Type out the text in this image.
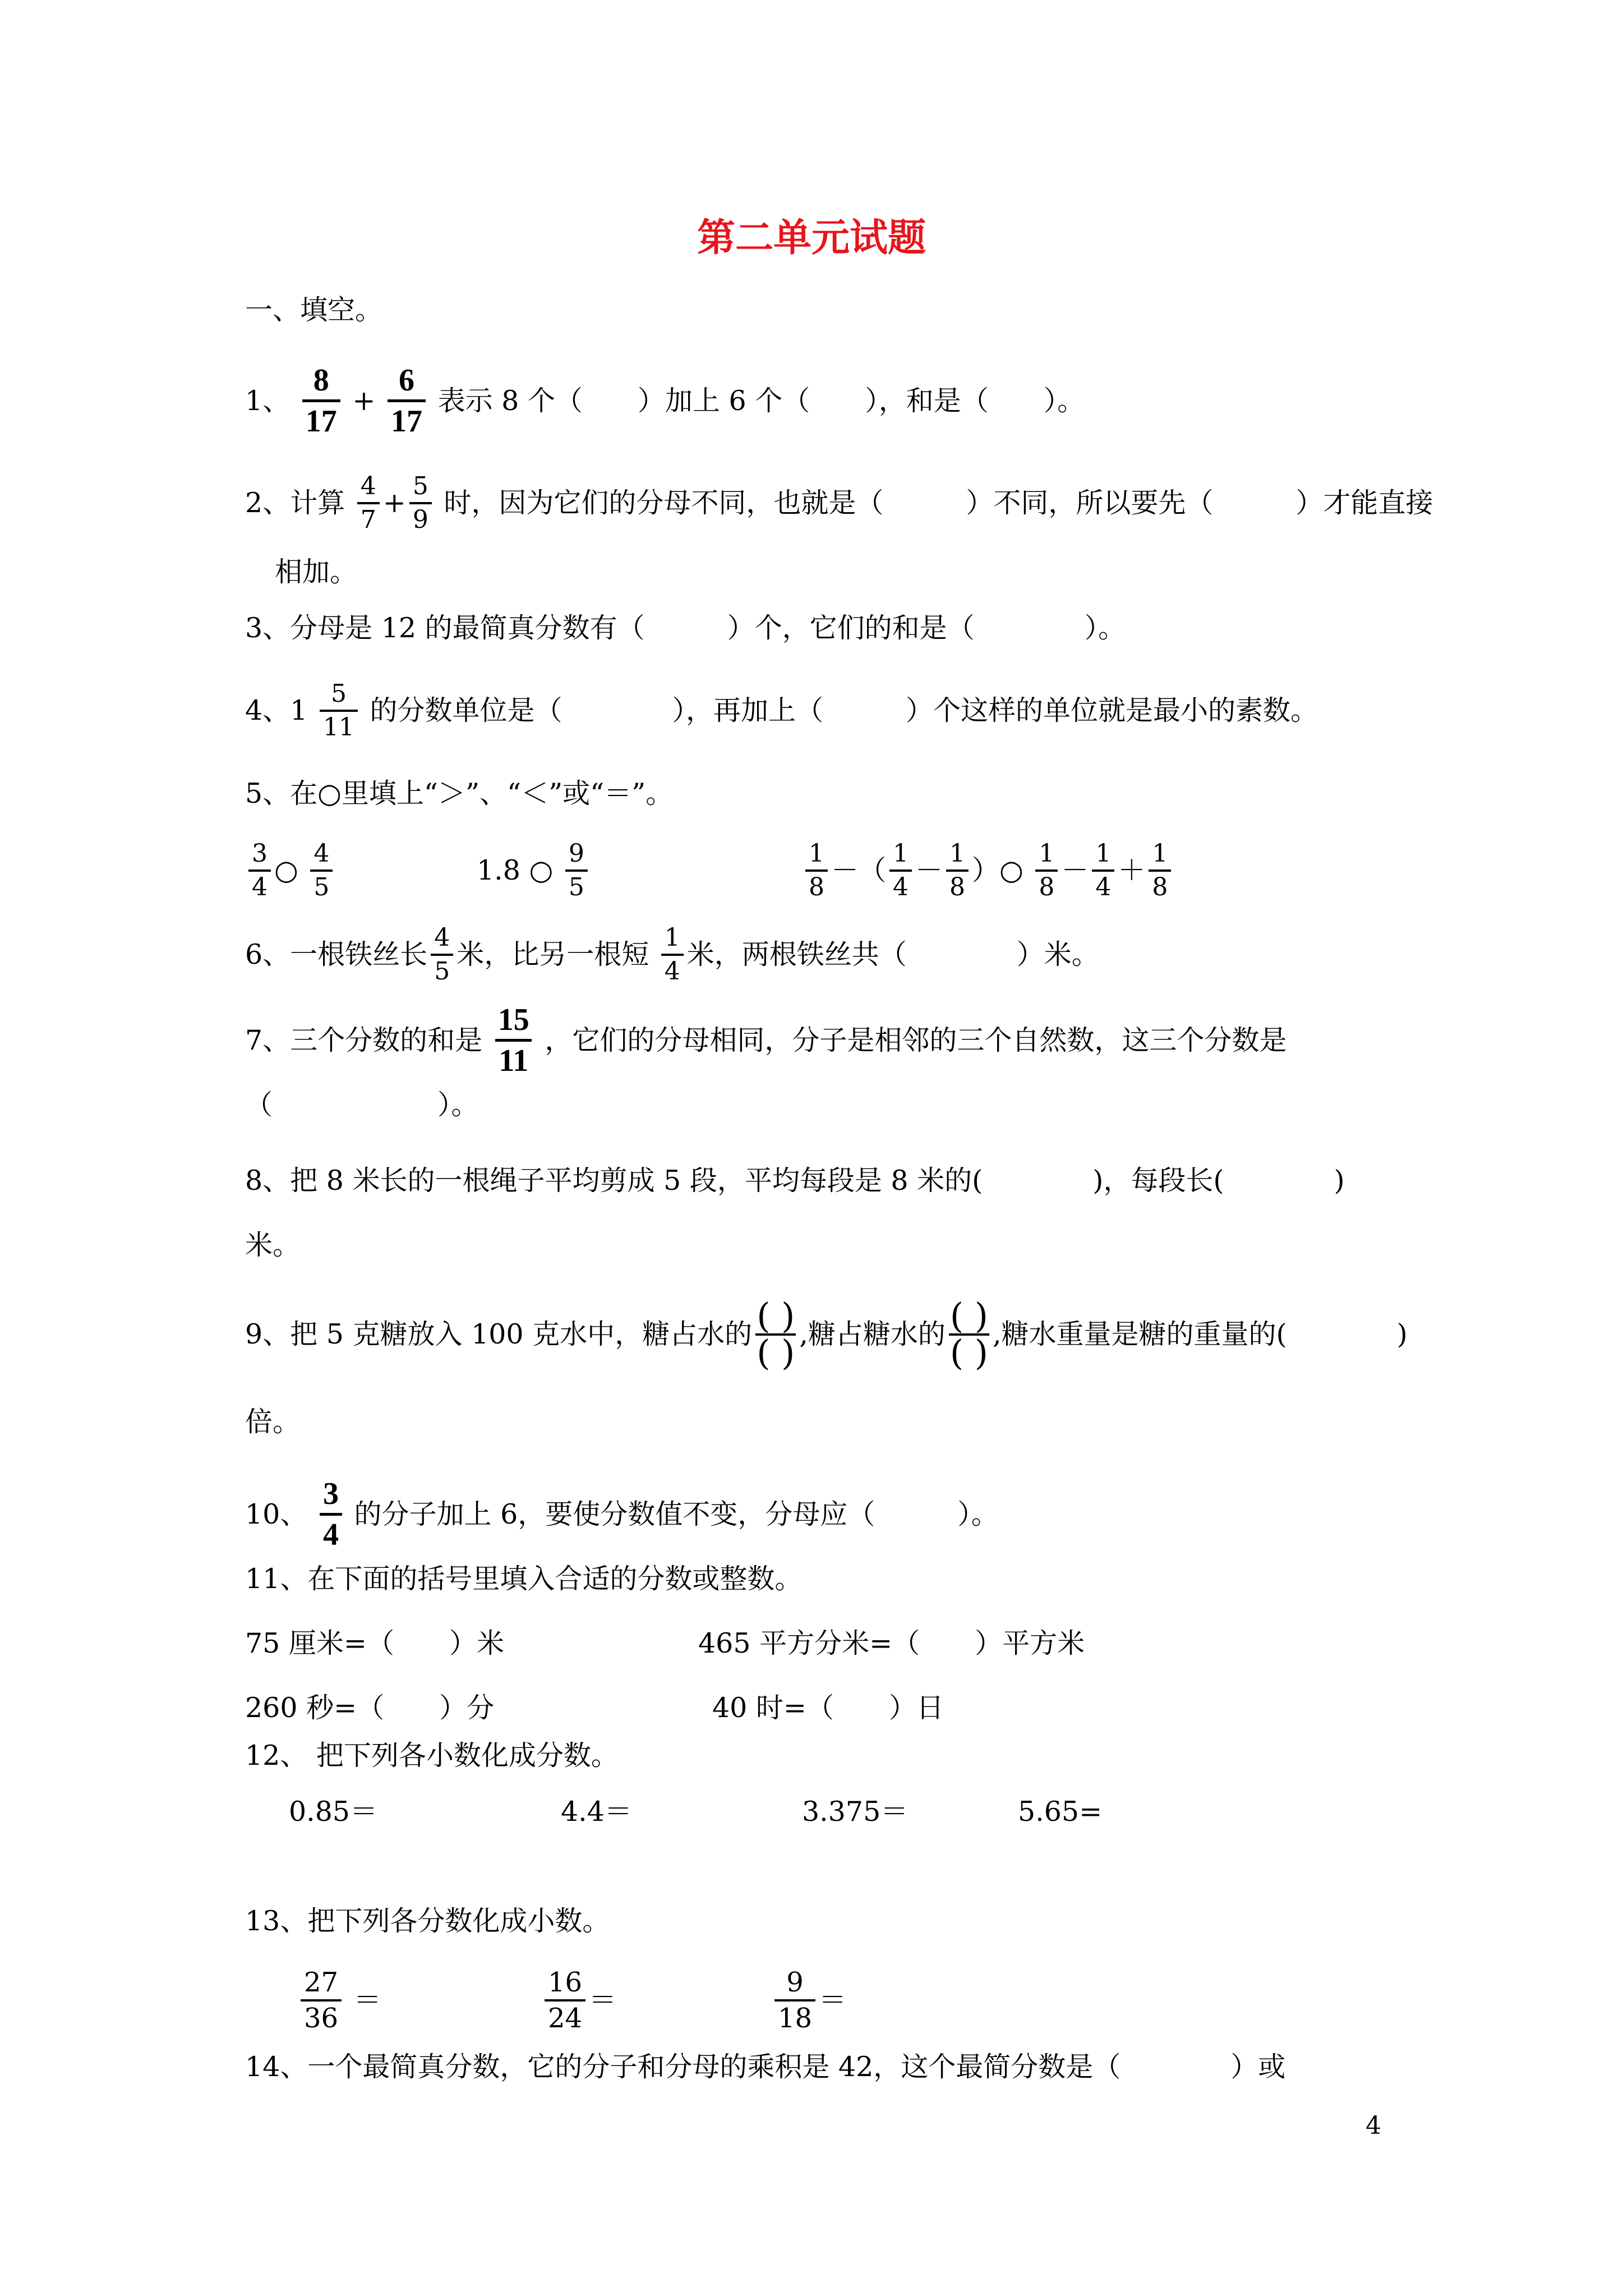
第二单元试题
一、填空。
1、 $\frac{8}{17} + \frac{6}{17}$ 表示 8 个（　　）加上 6 个（　　），和是（　　）。
2、计算 $\frac{4}{7} + \frac{5}{9}$ 时，因为它们的分母不同，也就是（　　　）不同，所以要先（　　　）才能直接
相加。
3、分母是 12 的最简真分数有（　　　）个，它们的和是（　　　　）。
4、$1 \frac{5}{11}$ 的分数单位是（　　　　），再加上（　　　）个这样的单位就是最小的素数。
5、在○里填上“＞”、“＜”或“＝”。
$\frac{3}{4}$ ○ $\frac{4}{5}$	1.8 ○ $\frac{9}{5}$	$\frac{1}{8}$ －（ $\frac{1}{4} - \frac{1}{8}$ ）○ $\frac{1}{8} - \frac{1}{4} + \frac{1}{8}$
6、一根铁丝长 $\frac{4}{5}$ 米，比另一根短 $\frac{1}{4}$ 米，两根铁丝共（　　　　）米。
7、三个分数的和是 $\frac{15}{11}$ ，它们的分母相同，分子是相邻的三个自然数，这三个分数是
（　　　　　　）。
8、把 8 米长的一根绳子平均剪成 5 段，平均每段是 8 米的(　　　　)，每段长(　　　　)
米。
9、把 5 克糖放入 100 克水中，糖占水的 ( )
( ) ,糖占糖水的 ( )
( ) ,糖水重量是糖的重量的(　　　　)
倍。
10、 $\frac{3}{4}$ 的分子加上 6，要使分数值不变，分母应（　　　）。
11、在下面的括号里填入合适的分数或整数。
75 厘米=（　　）米	465 平方分米=（　　）平方米
260 秒=（　　）分	40 时=（　　）日
12、 把下列各小数化成分数。
0.85＝	4.4＝	3.375＝	5.65=
13、把下列各分数化成小数。
$\frac{27}{36}$ ＝	$\frac{16}{24}$ ＝	$\frac{9}{18}$ ＝
14、一个最简真分数，它的分子和分母的乘积是 42，这个最简分数是（　　　　）或
4
